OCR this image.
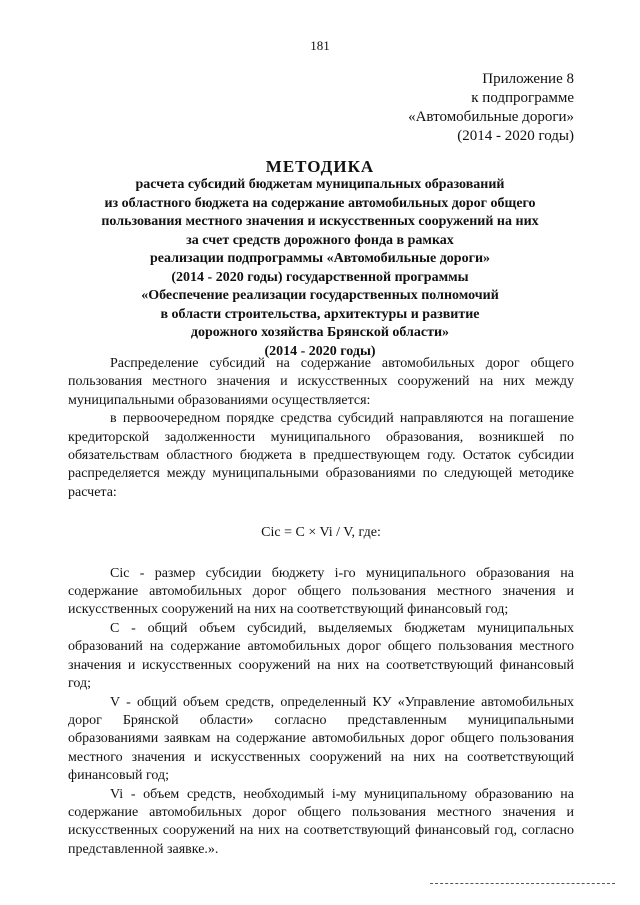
181
Приложение 8
к подпрограмме
«Автомобильные дороги»
(2014 - 2020 годы)
МЕТОДИКА
расчета субсидий бюджетам муниципальных образований
из областного бюджета на содержание автомобильных дорог общего
пользования местного значения и искусственных сооружений на них
за счет средств дорожного фонда в рамках
реализации подпрограммы «Автомобильные дороги»
(2014 - 2020 годы) государственной программы
«Обеспечение реализации государственных полномочий
в области строительства, архитектуры и развитие
дорожного хозяйства Брянской области»
(2014 - 2020 годы)

Распределение субсидий на содержание автомобильных дорог общего пользования местного значения и искусственных сооружений на них между муниципальными образованиями осуществляется:

в первоочередном порядке средства субсидий направляются на погашение кредиторской задолженности муниципального образования, возникшей по обязательствам областного бюджета в предшествующем году. Остаток субсидии распределяется между муниципальными образованиями по следующей методике расчета:

Cic = C × Vi / V, где:

Cic - размер субсидии бюджету i-го муниципального образования на содержание автомобильных дорог общего пользования местного значения и искусственных сооружений на них на соответствующий финансовый год;

С - общий объем субсидий, выделяемых бюджетам муниципальных образований на содержание автомобильных дорог общего пользования местного значения и искусственных сооружений на них на соответствующий финансовый год;

V - общий объем средств, определенный КУ «Управление автомобильных дорог Брянской области» согласно представленным муниципальными образованиями заявкам на содержание автомобильных дорог общего пользования местного значения и искусственных сооружений на них на соответствующий финансовый год;

Vi - объем средств, необходимый i-му муниципальному образованию на содержание автомобильных дорог общего пользования местного значения и искусственных сооружений на них на соответствующий финансовый год, согласно представленной заявке.».
